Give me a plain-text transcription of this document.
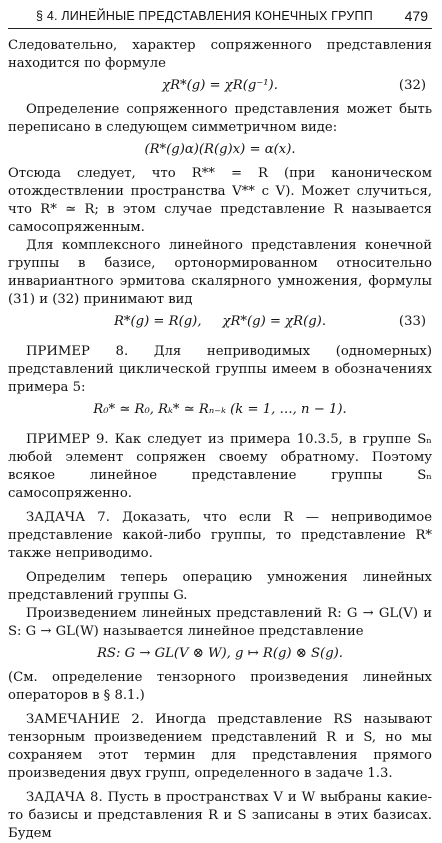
§ 4. ЛИНЕЙНЫЕ ПРЕДСТАВЛЕНИЯ КОНЕЧНЫХ ГРУПП 479

Следовательно, характер сопряженного представления находится по формуле

χR*(g) = χR(g⁻¹).	(32)

Определение сопряженного представления может быть переписано в следующем симметричном виде:

(R*(g)α)(R(g)x) = α(x).

Отсюда следует, что R** = R (при каноническом отождествлении пространства V** с V). Может случиться, что R* ≃ R; в этом случае представление R называется самосопряженным.

Для комплексного линейного представления конечной группы в базисе, ортонормированном относительно инвариантного эрмитова скалярного умножения, формулы (31) и (32) принимают вид

R*(g) = R(g), χR*(g) = χR(g).	(33)

ПРИМЕР 8. Для неприводимых (одномерных) представлений циклической группы имеем в обозначениях примера 5:

R₀* ≃ R₀, Rₖ* ≃ Rₙ₋ₖ (k = 1, …, n − 1).

ПРИМЕР 9. Как следует из примера 10.3.5, в группе Sₙ любой элемент сопряжен своему обратному. Поэтому всякое линейное представление группы Sₙ самосопряженно.

ЗАДАЧА 7. Доказать, что если R — неприводимое представление какой-либо группы, то представление R* также неприводимо.

Определим теперь операцию умножения линейных представлений группы G.

Произведением линейных представлений R: G → GL(V) и S: G → GL(W) называется линейное представление

RS: G → GL(V ⊗ W), g ↦ R(g) ⊗ S(g).

(См. определение тензорного произведения линейных операторов в § 8.1.)

ЗАМЕЧАНИЕ 2. Иногда представление RS называют тензорным произведением представлений R и S, но мы сохраняем этот термин для представления прямого произведения двух групп, определенного в задаче 1.3.

ЗАДАЧА 8. Пусть в пространствах V и W выбраны какие-то базисы и представления R и S записаны в этих базисах. Будем
